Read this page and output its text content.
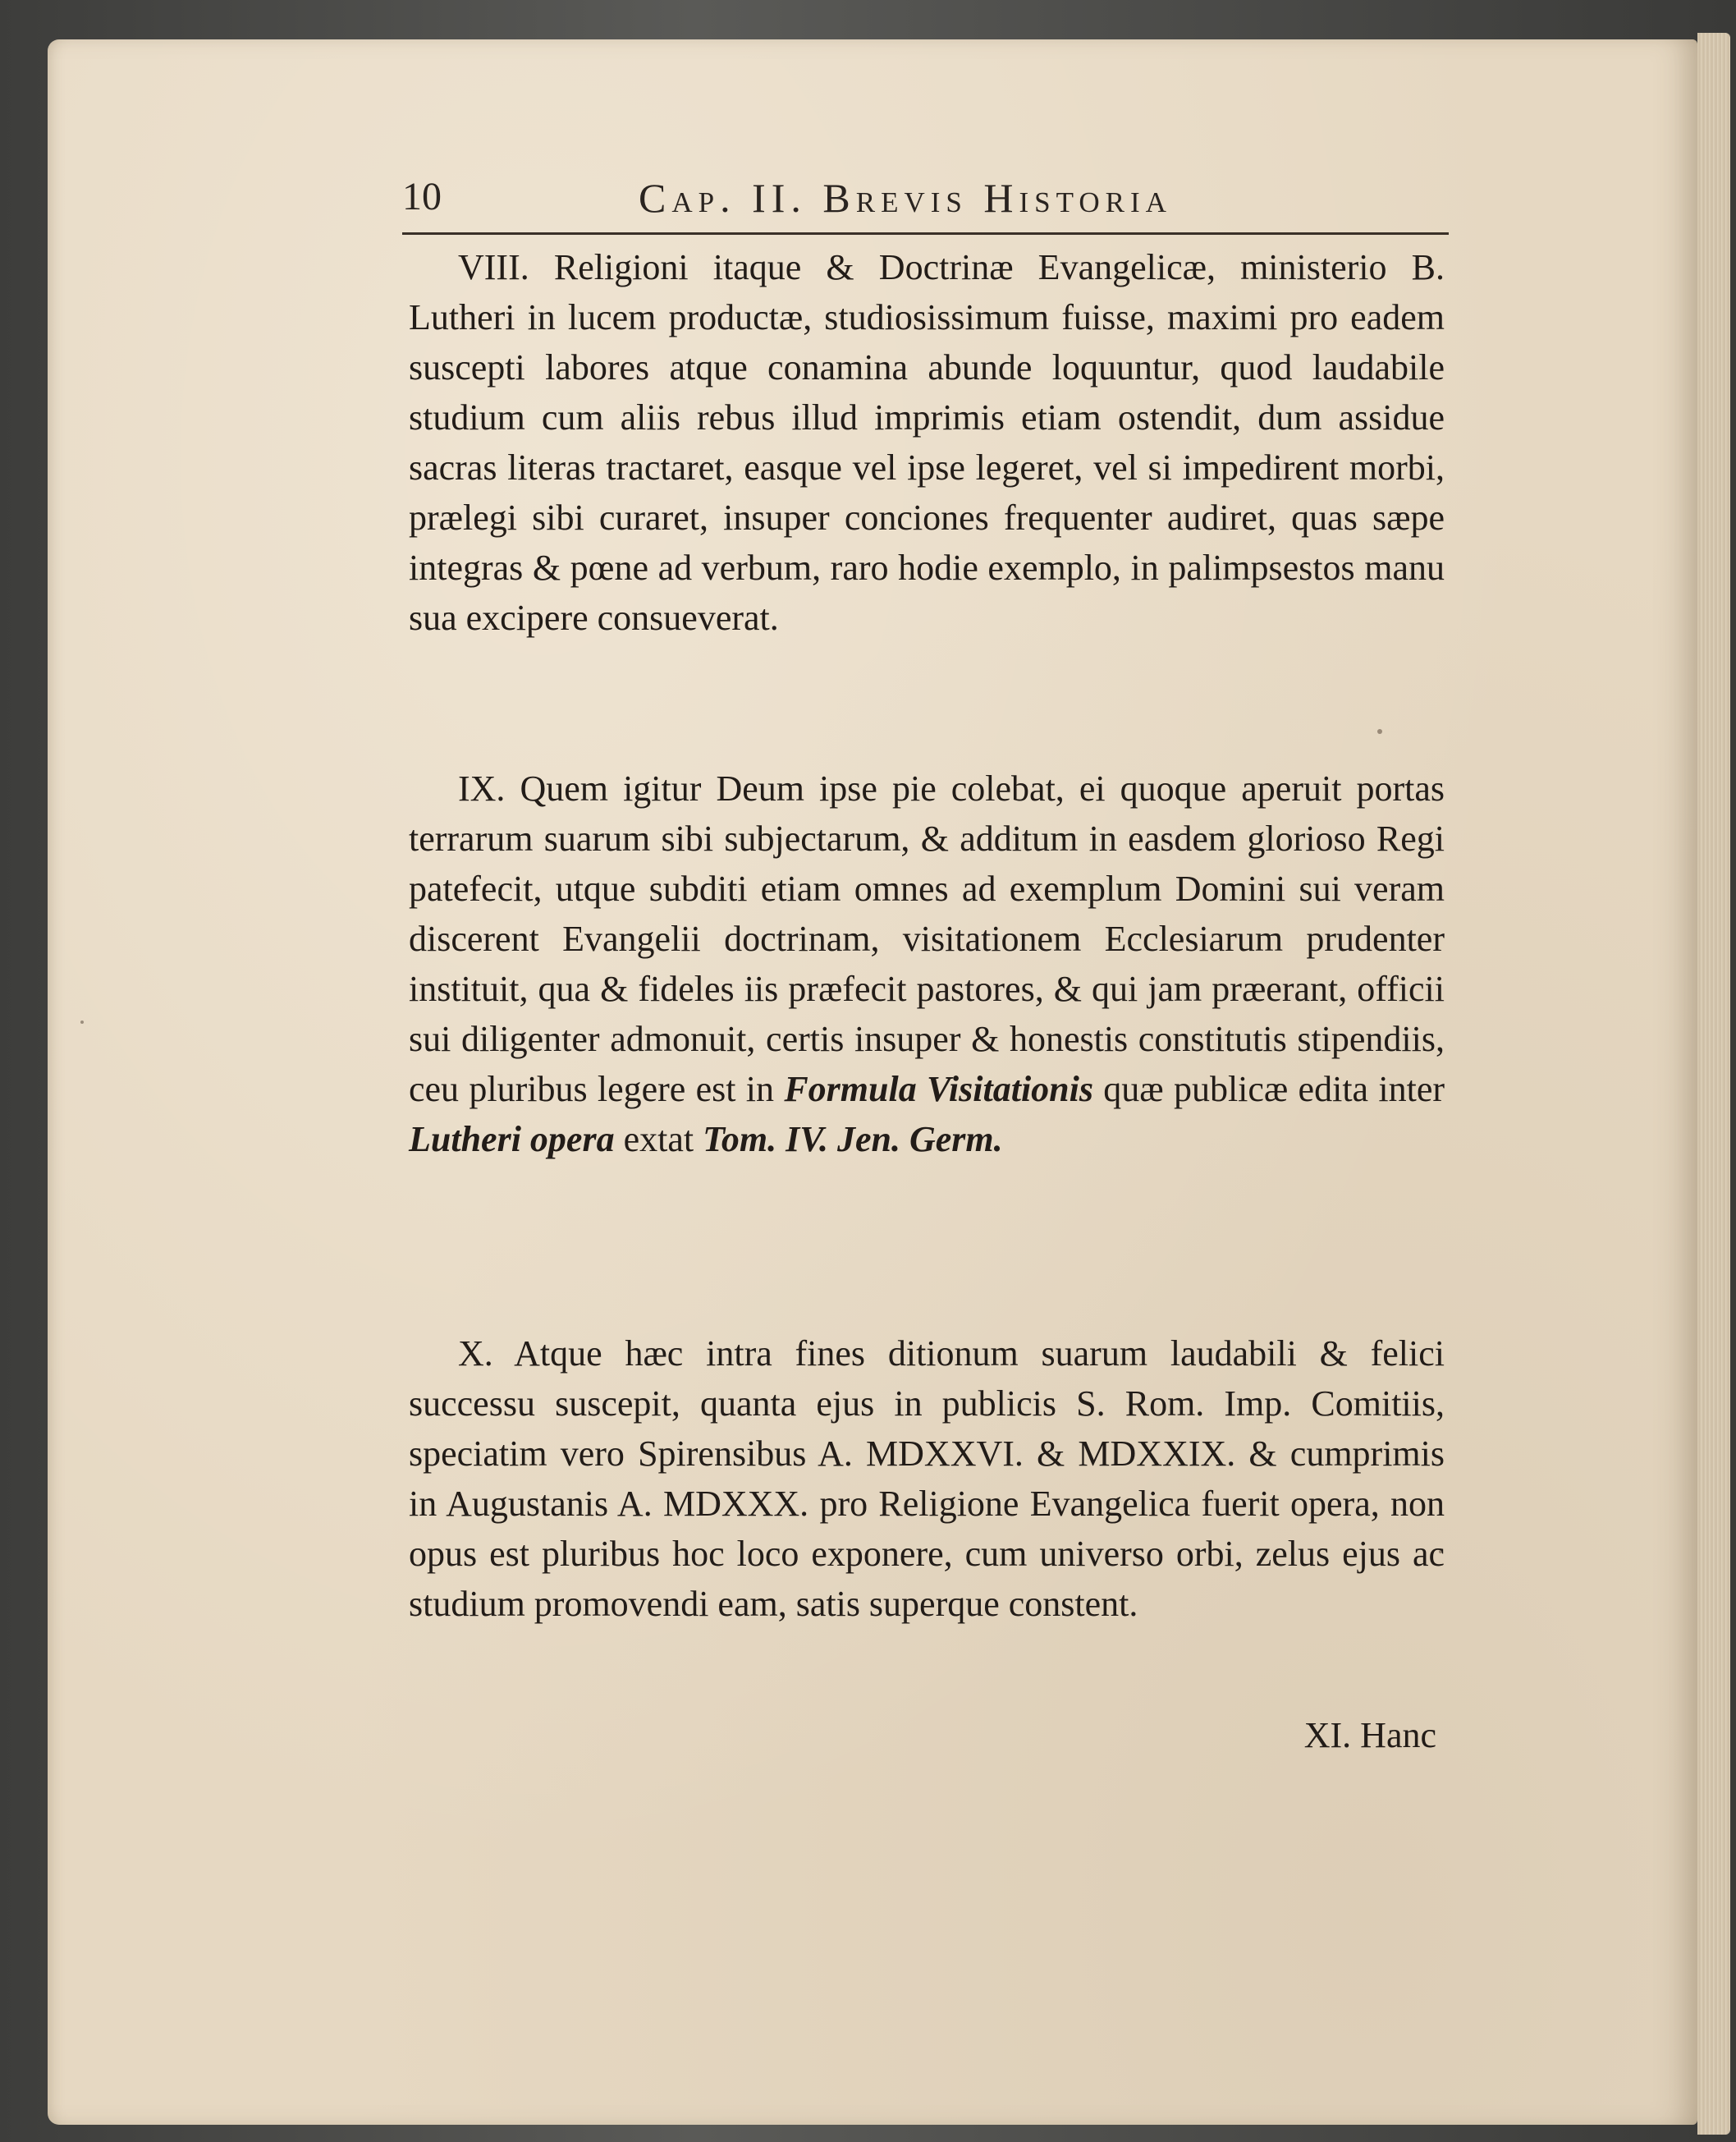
10	Cap. II. Brevis Historia

VIII. Religioni itaque & Doctrinæ Evangelicæ, ministerio B. Lutheri in lucem productæ, studiosissimum fuisse, maximi pro eadem suscepti labores atque conamina abunde loquuntur, quod laudabile studium cum aliis rebus illud imprimis etiam ostendit, dum assidue sacras literas tractaret, easque vel ipse legeret, vel si impedirent morbi, prælegi sibi curaret, insuper conciones frequenter audiret, quas sæpe integras & pœne ad verbum, raro hodie exemplo, in palimpsestos manu sua excipere consueverat.

IX. Quem igitur Deum ipse pie colebat, ei quoque aperuit portas terrarum suarum sibi subjectarum, & additum in easdem glorioso Regi patefecit, utque subditi etiam omnes ad exemplum Domini sui veram discerent Evangelii doctrinam, visitationem Ecclesiarum prudenter instituit, qua & fideles iis præfecit pastores, & qui jam præerant, officii sui diligenter admonuit, certis insuper & honestis constitutis stipendiis, ceu pluribus legere est in Formula Visitationis quæ publicæ edita inter Lutheri opera extat Tom. IV. Jen. Germ.

X. Atque hæc intra fines ditionum suarum laudabili & felici successu suscepit, quanta ejus in publicis S. Rom. Imp. Comitiis, speciatim vero Spirensibus A. MDXXVI. & MDXXIX. & cumprimis in Augustanis A. MDXXX. pro Religione Evangelica fuerit opera, non opus est pluribus hoc loco exponere, cum universo orbi, zelus ejus ac studium promovendi eam, satis superque constent.

XI. Hanc
